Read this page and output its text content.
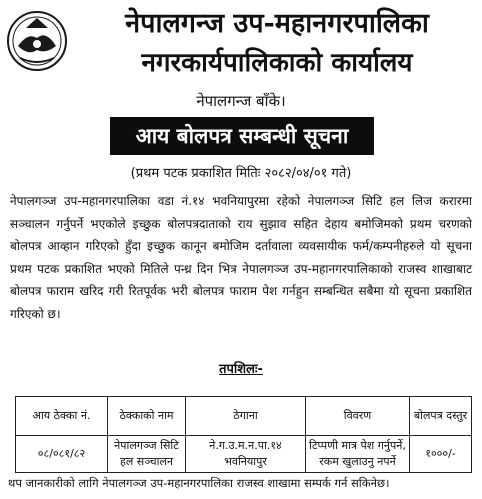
नेपालगन्ज उप-महानगरपालिका
नगरकार्यपालिकाको कार्यालय
नेपालगन्ज बाँके।
आय बोलपत्र सम्बन्धी सूचना
(प्रथम पटक प्रकाशित मितिः २०८२/०४/०१ गते)

नेपालगञ्ज उप-महानगरपालिका वडा नं.१४ भवनियापुरमा रहेको नेपालगञ्ज सिटि हल लिज करारमा सञ्चालन गर्नुपर्ने भएकोले इच्छुक बोलपत्रदाताको राय सुझाव सहित देहाय बमोजिमको प्रथम चरणको बोलपत्र आव्हान गरिएको हुँदा इच्छुक कानून बमोजिम दर्तावाला व्यवसायीक फर्म/कम्पनीहरुले यो सूचना प्रथम पटक प्रकाशित भएको मितिले पन्ध्र दिन भित्र नेपालगञ्ज उप-महानगरपालिकाको राजस्व शाखाबाट बोलपत्र फाराम खरिद गरी रितपूर्वक भरी बोलपत्र फाराम पेश गर्नहुन सम्बन्धित सबैमा यो सूचना प्रकाशित गरिएको छ।

तपशिलः-
आय ठेक्का नं.	ठेक्काको नाम	ठेगाना	विवरण	बोलपत्र दस्तुर
०८/०८१/८२	नेपालगञ्ज सिटि हल सञ्चालन	ने.ग.उ.म.न.पा.१४ भवनियापुर	टिप्पणी मात्र पेश गर्नुपर्ने, रकम खुलाउनु नपर्ने	१०००/-
थप जानकारीको लागि नेपालगञ्ज उप-महानगरपालिका राजस्व शाखामा सम्पर्क गर्न सकिनेछ।
